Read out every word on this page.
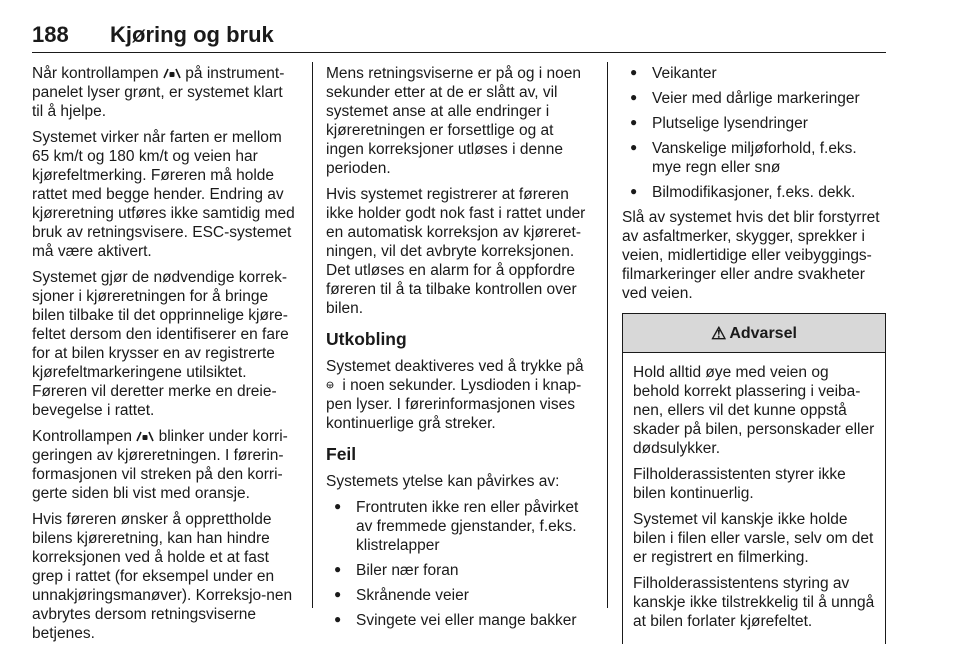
188 Kjøring og bruk

Når kontrollampen på instrument-panelet lyser grønt, er systemet klart til å hjelpe.

Systemet virker når farten er mellom 65 km/t og 180 km/t og veien har kjørefeltmerking. Føreren må holde rattet med begge hender. Endring av kjøreretning utføres ikke samtidig med bruk av retningsvisere. ESC-systemet må være aktivert.

Systemet gjør de nødvendige korrek-sjoner i kjøreretningen for å bringe bilen tilbake til det opprinnelige kjøre-feltet dersom den identifiserer en fare for at bilen krysser en av registrerte kjørefeltmarkeringene utilsiktet. Føreren vil deretter merke en dreie-bevegelse i rattet.

Kontrollampen blinker under korri-geringen av kjøreretningen. I førerin-formasjonen vil streken på den korri-gerte siden bli vist med oransje.

Hvis føreren ønsker å opprettholde bilens kjøreretning, kan han hindre korreksjonen ved å holde et at fast grep i rattet (for eksempel under en unnakjøringsmanøver). Korreksjo-nen avbrytes dersom retningsviserne betjenes.

Mens retningsviserne er på og i noen sekunder etter at de er slått av, vil systemet anse at alle endringer i kjøreretningen er forsettlige og at ingen korreksjoner utløses i denne perioden.

Hvis systemet registrerer at føreren ikke holder godt nok fast i rattet under en automatisk korreksjon av kjøreret-ningen, vil det avbryte korreksjonen. Det utløses en alarm for å oppfordre føreren til å ta tilbake kontrollen over bilen.

Utkobling

Systemet deaktiveres ved å trykke på  i noen sekunder. Lysdioden i knap-pen lyser. I førerinformasjonen vises kontinuerlige grå streker.

Feil

Systemets ytelse kan påvirkes av:

● Frontruten ikke ren eller påvirket av fremmede gjenstander, f.eks. klistrelapper
● Biler nær foran
● Skrånende veier
● Svingete vei eller mange bakker
● Veikanter
● Veier med dårlige markeringer
● Plutselige lysendringer
● Vanskelige miljøforhold, f.eks. mye regn eller snø
● Bilmodifikasjoner, f.eks. dekk.

Slå av systemet hvis det blir forstyrret av asfaltmerker, skygger, sprekker i veien, midlertidige eller veibyggings-filmarkeringer eller andre svakheter ved veien.

⚠ Advarsel

Hold alltid øye med veien og behold korrekt plassering i veiba-nen, ellers vil det kunne oppstå skader på bilen, personskader eller dødsulykker.

Filholderassistenten styrer ikke bilen kontinuerlig.

Systemet vil kanskje ikke holde bilen i filen eller varsle, selv om det er registrert en filmerking.

Filholderassistentens styring av kanskje ikke tilstrekkelig til å unngå at bilen forlater kjørefeltet.
